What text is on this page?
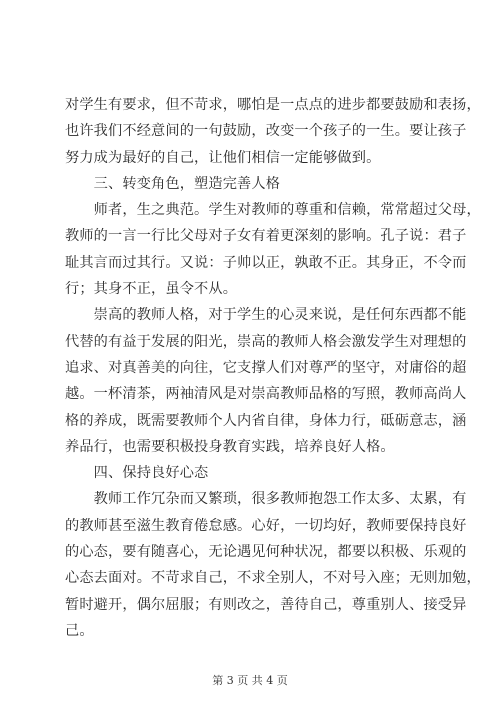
对学生有要求，但不苛求，哪怕是一点点的进步都要鼓励和表扬，
也许我们不经意间的一句鼓励，改变一个孩子的一生。要让孩子
努力成为最好的自己，让他们相信一定能够做到。
　　三、转变角色，塑造完善人格
　　师者，生之典范。学生对教师的尊重和信赖，常常超过父母，
教师的一言一行比父母对子女有着更深刻的影响。孔子说：君子
耻其言而过其行。又说：子帅以正，孰敢不正。其身正，不令而
行；其身不正，虽令不从。
　　崇高的教师人格，对于学生的心灵来说，是任何东西都不能
代替的有益于发展的阳光，崇高的教师人格会激发学生对理想的
追求、对真善美的向往，它支撑人们对尊严的坚守，对庸俗的超
越。一杯清茶，两袖清风是对崇高教师品格的写照，教师高尚人
格的养成，既需要教师个人内省自律，身体力行，砥砺意志，涵
养品行，也需要积极投身教育实践，培养良好人格。
　　四、保持良好心态
　　教师工作冗杂而又繁琐，很多教师抱怨工作太多、太累，有
的教师甚至滋生教育倦怠感。心好，一切均好，教师要保持良好
的心态，要有随喜心，无论遇见何种状况，都要以积极、乐观的
心态去面对。不苛求自己，不求全别人，不对号入座；无则加勉，
暂时避开，偶尔屈服；有则改之，善待自己，尊重别人、接受异
己。
第 3 页 共 4 页
